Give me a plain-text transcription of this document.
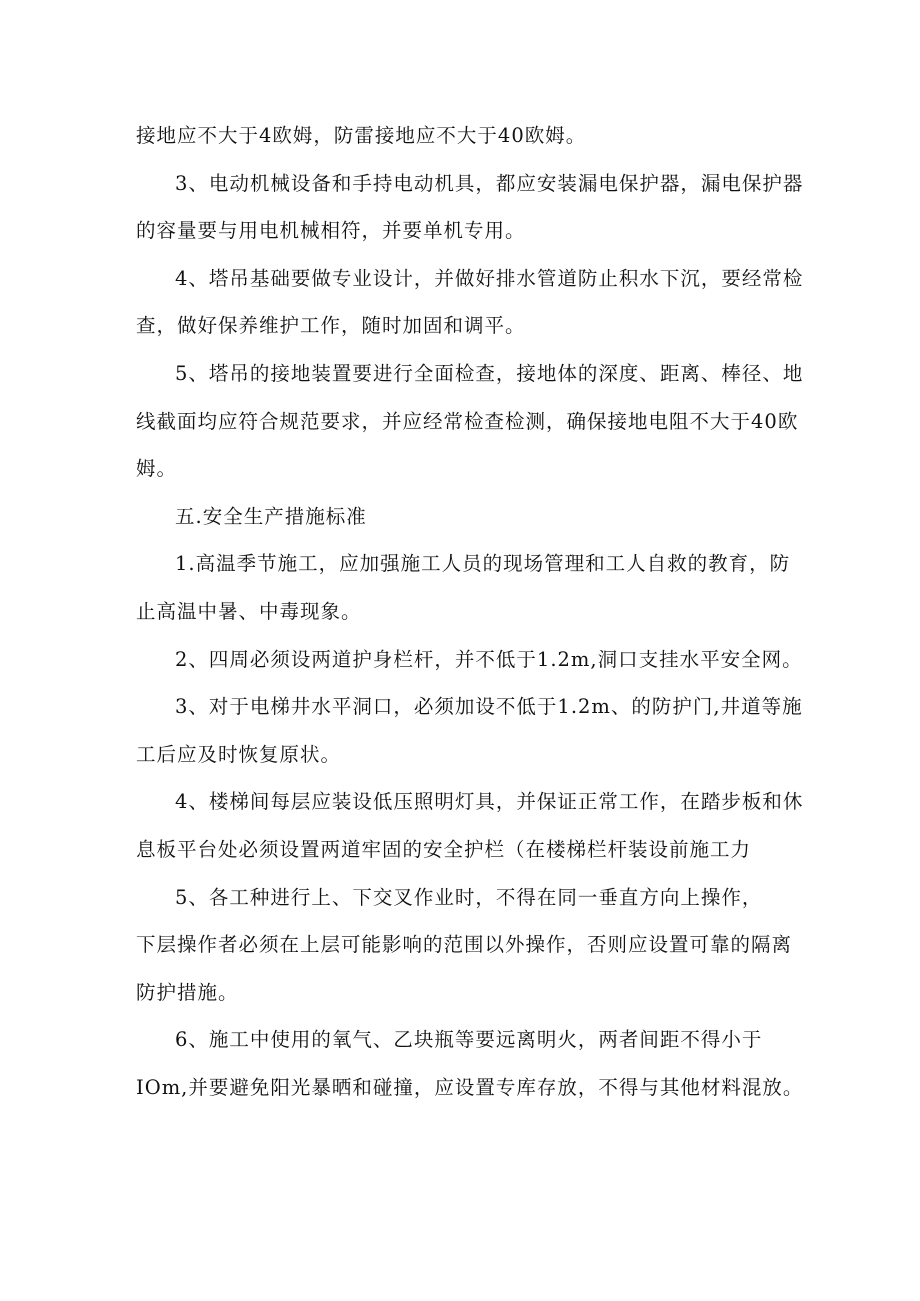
接地应不大于4欧姆，防雷接地应不大于40欧姆。

3、电动机械设备和手持电动机具，都应安装漏电保护器，漏电保护器
的容量要与用电机械相符，并要单机专用。

4、塔吊基础要做专业设计，并做好排水管道防止积水下沉，要经常检
查，做好保养维护工作，随时加固和调平。

5、塔吊的接地装置要进行全面检查，接地体的深度、距离、棒径、地
线截面均应符合规范要求，并应经常检查检测，确保接地电阻不大于40欧
姆。

五.安全生产措施标准

1.高温季节施工，应加强施工人员的现场管理和工人自救的教育，防
止高温中暑、中毒现象。

2、四周必须设两道护身栏杆，并不低于1.2m,洞口支挂水平安全网。

3、对于电梯井水平洞口，必须加设不低于1.2m、的防护门,井道等施
工后应及时恢复原状。

4、楼梯间每层应装设低压照明灯具，并保证正常工作，在踏步板和休
息板平台处必须设置两道牢固的安全护栏（在楼梯栏杆装设前施工力

5、各工种进行上、下交叉作业时，不得在同一垂直方向上操作，
下层操作者必须在上层可能影响的范围以外操作，否则应设置可靠的隔离
防护措施。

6、施工中使用的氧气、乙块瓶等要远离明火，两者间距不得小于
IOm,并要避免阳光暴晒和碰撞，应设置专库存放，不得与其他材料混放。
